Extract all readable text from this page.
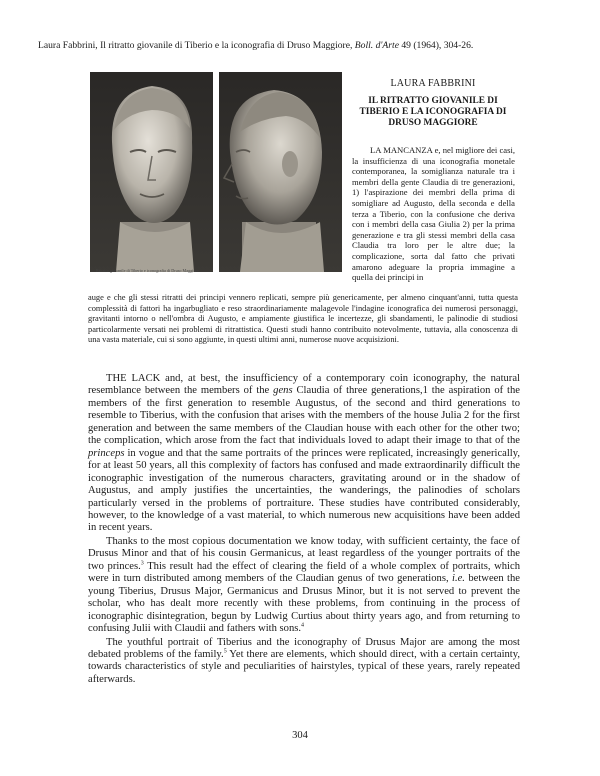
Laura Fabbrini, Il ritratto giovanile di Tiberio e la iconografia di Druso Maggiore, Boll. d'Arte 49 (1964), 304-26.
Ritratto giovanile di Tiberio e iconografia di Druso Maggiore
LAURA FABBRINI
IL RITRATTO GIOVANILE DI
TIBERIO E LA ICONOGRAFIA DI
DRUSO MAGGIORE

LA MANCANZA e, nel migliore dei casi, la insufficienza di una iconografia monetale contemporanea, la somiglianza naturale tra i membri della gente Claudia di tre generazioni, 1) l'aspirazione dei membri della prima di somigliare ad Augusto, della seconda e della terza a Tiberio, con la confusione che deriva con i membri della casa Giulia 2) per la prima generazione e tra gli stessi membri della casa Claudia tra loro per le altre due; la complicazione, sorta dal fatto che privati amarono adeguare la propria immagine a quella dei principi in

auge e che gli stessi ritratti dei principi vennero replicati, sempre più genericamente, per almeno cinquant'anni, tutta questa complessità di fattori ha ingarbugliato e reso straordinariamente malagevole l'indagine iconografica dei numerosi personaggi, gravitanti intorno o nell'ombra di Augusto, e ampiamente giustifica le incertezze, gli sbandamenti, le palinodie di studiosi particolarmente versati nei problemi di ritrattistica. Questi studi hanno contribuito notevolmente, tuttavia, alla conoscenza di una vasta materiale, cui si sono aggiunte, in questi ultimi anni, numerose nuove acquisizioni.

THE LACK and, at best, the insufficiency of a contemporary coin iconography, the natural resemblance between the members of the gens Claudia of three generations,1 the aspiration of the members of the first generation to resemble Augustus, of the second and third generations to resemble to Tiberius, with the confusion that arises with the members of the house Julia 2 for the first generation and between the same members of the Claudian house with each other for the other two; the complication, which arose from the fact that individuals loved to adapt their image to that of the princeps in vogue and that the same portraits of the princes were replicated, increasingly generically, for at least 50 years, all this complexity of factors has confused and made extraordinarily difficult the iconographic investigation of the numerous characters, gravitating around or in the shadow of Augustus, and amply justifies the uncertainties, the wanderings, the palinodies of scholars particularly versed in the problems of portraiture. These studies have contributed considerably, however, to the knowledge of a vast material, to which numerous new acquisitions have been added in recent years.

Thanks to the most copious documentation we know today, with sufficient certainty, the face of Drusus Minor and that of his cousin Germanicus, at least regardless of the younger portraits of the two princes.$^3$ This result had the effect of clearing the field of a whole complex of portraits, which were in turn distributed among members of the Claudian genus of two generations, i.e. between the young Tiberius, Drusus Major, Germanicus and Drusus Minor, but it is not served to prevent the scholar, who has dealt more recently with these problems, from continuing in the process of iconographic disintegration, begun by Ludwig Curtius about thirty years ago, and from returning to confusing Julii with Claudii and fathers with sons.$^4$

The youthful portrait of Tiberius and the iconography of Drusus Major are among the most debated problems of the family.$^5$ Yet there are elements, which should direct, with a certain certainty, towards characteristics of style and peculiarities of hairstyles, typical of these years, rarely repeated afterwards.

304
